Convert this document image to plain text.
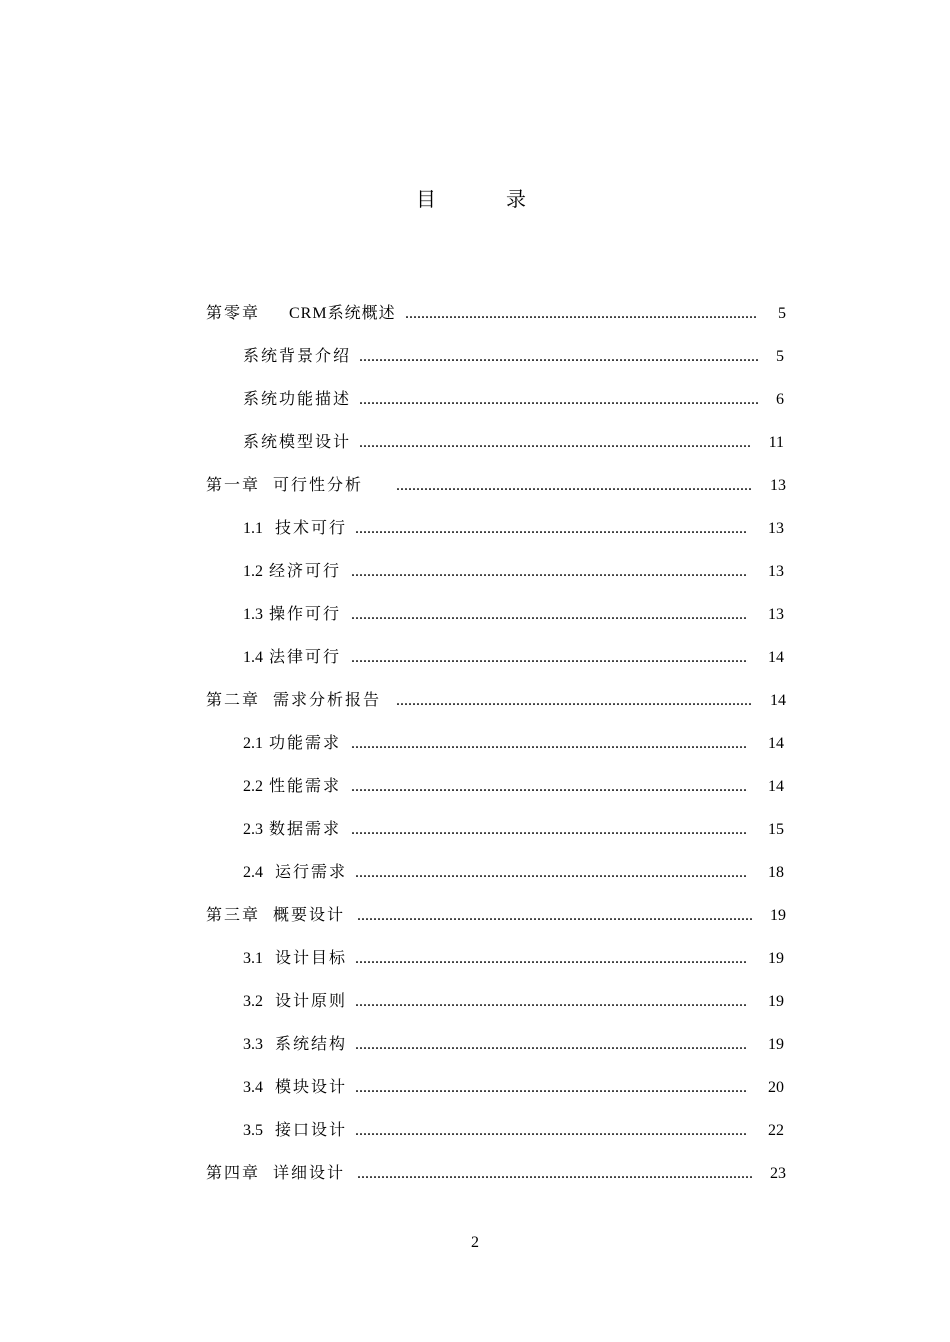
目	录
第零章 CRM系统概述 ........................................................................................	5
系统背景介绍 ....................................................................................................	5
系统功能描述 ....................................................................................................	6
系统模型设计 ..................................................................................................	11
第一章 可行性分析 .........................................................................................	13
1.1 技术可行 ..................................................................................................	13
1.2 经济可行 ...................................................................................................	13
1.3 操作可行 ...................................................................................................	13
1.4 法律可行 ...................................................................................................	14
第二章 需求分析报告 .........................................................................................	14
2.1 功能需求 ...................................................................................................	14
2.2 性能需求 ...................................................................................................	14
2.3 数据需求 ...................................................................................................	15
2.4 运行需求 ..................................................................................................	18
第三章 概要设计 ...................................................................................................	19
3.1 设计目标 ..................................................................................................	19
3.2 设计原则 ..................................................................................................	19
3.3 系统结构 ..................................................................................................	19
3.4 模块设计 ..................................................................................................	20
3.5 接口设计 ..................................................................................................	22
第四章 详细设计 ...................................................................................................	23
2
